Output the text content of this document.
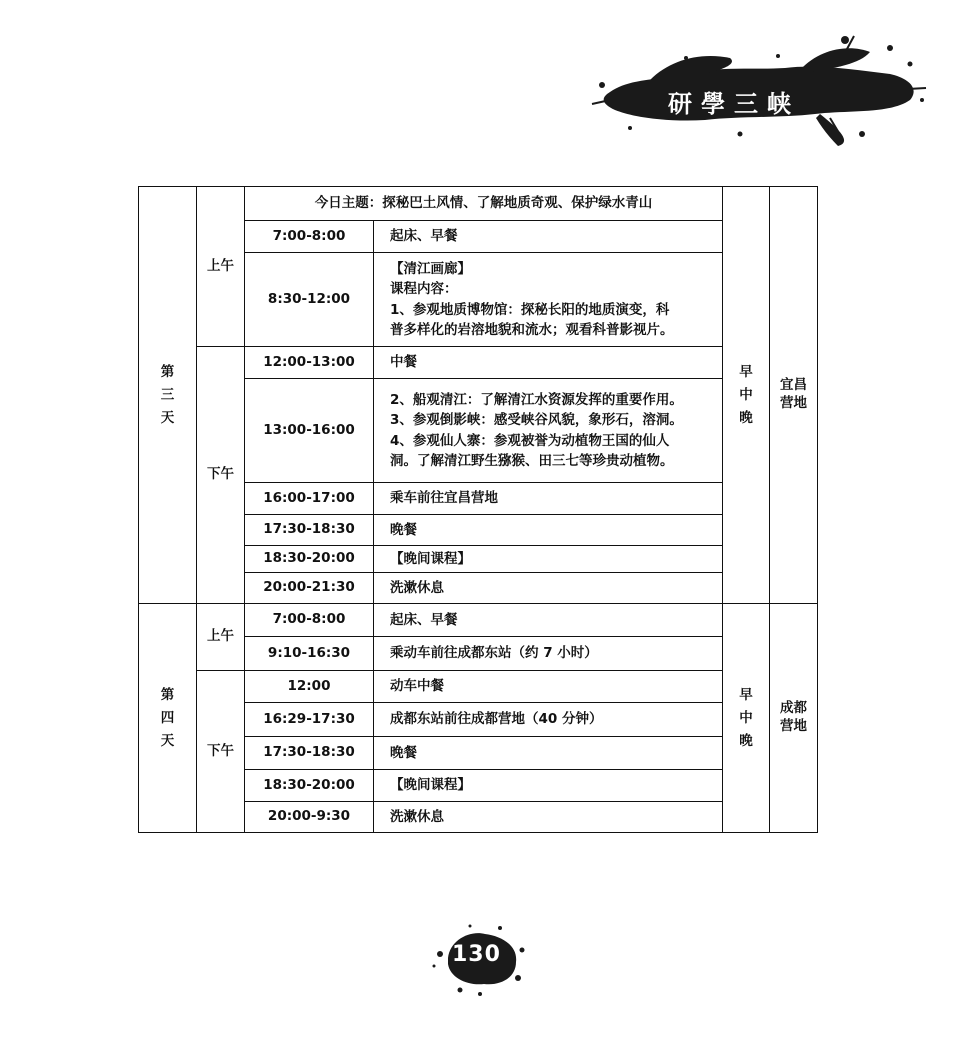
研學三峡
第
三
天	上午	今日主题：探秘巴土风情、了解地质奇观、保护绿水青山		早
中
晚	宜昌
营地

		7:00-8:00	起床、早餐		

		8:30-12:00	【清江画廊】
课程内容：
1、参观地质博物馆：探秘长阳的地质演变，科
普多样化的岩溶地貌和流水；观看科普影视片。		

	下午	12:00-13:00	中餐		

		13:00-16:00	2、船观清江：了解清江水资源发挥的重要作用。
3、参观倒影峡：感受峡谷风貌，象形石，溶洞。
4、参观仙人寨：参观被誉为动植物王国的仙人
洞。了解清江野生猕猴、田三七等珍贵动植物。		

		16:00-17:00	乘车前往宜昌营地		

		17:30-18:30	晚餐		

		18:30-20:00	【晚间课程】		

		20:00-21:30	洗漱休息		

第
四
天	上午	7:00-8:00	起床、早餐	早
中
晚	成都
营地

		9:10-16:30	乘动车前往成都东站（约 7 小时）		

	下午	12:00	动车中餐		

		16:29-17:30	成都东站前往成都营地（40 分钟）		

		17:30-18:30	晚餐		

		18:30-20:00	【晚间课程】		

		20:00-9:30	洗漱休息		
130
